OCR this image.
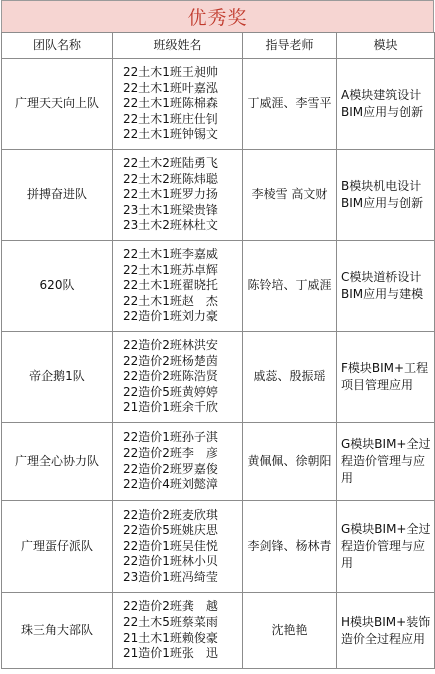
优秀奖
团队名称	班级姓名	指导老师	模块
广理天天向上队	22土木1班王昶帅
22土木1班叶嘉泓
22土木1班陈棉森
22土木1班庄仕钊
22土木1班钟锡文	丁威涯、李雪平	A模块建筑设计BIM应用与创新
拼搏奋进队	22土木2班陆勇飞
22土木2班陈炜聪
22土木1班罗力扬
23土木1班梁贵锋
23土木2班林杜文	李棱雪 高文财	B模块机电设计BIM应用与创新
620队	22土木1班李嘉威
22土木1班苏卓辉
22土木1班翟晓托
22土木1班赵　杰
22造价1班刘力豪	陈铃培、丁威涯	C模块道桥设计BIM应用与建模
帝企鹅1队	22造价2班林洪安
22造价2班杨楚茵
22造价2班陈浩贤
22造价5班黄婷婷
21造价1班余千欣	戚蕊、殷振瑶	F模块BIM+工程项目管理应用
广理全心协力队	22造价1班孙子淇
22造价2班李　彦
22造价2班罗嘉俊
22造价4班刘懿漳	黄佩佩、徐朝阳	G模块BIM+全过程造价管理与应用
广理蛋仔派队	22造价2班麦欣琪
22造价5班姚庆思
22造价1班吴佳悦
22造价1班林小贝
23造价1班冯绮莹	李剑锋、杨林青	G模块BIM+全过程造价管理与应用
珠三角大部队	22造价2班龚　越
22土木5班蔡菜雨
21土木1班赖俊豪
21造价1班张　迅	沈艳艳	H模块BIM+装饰造价全过程应用
